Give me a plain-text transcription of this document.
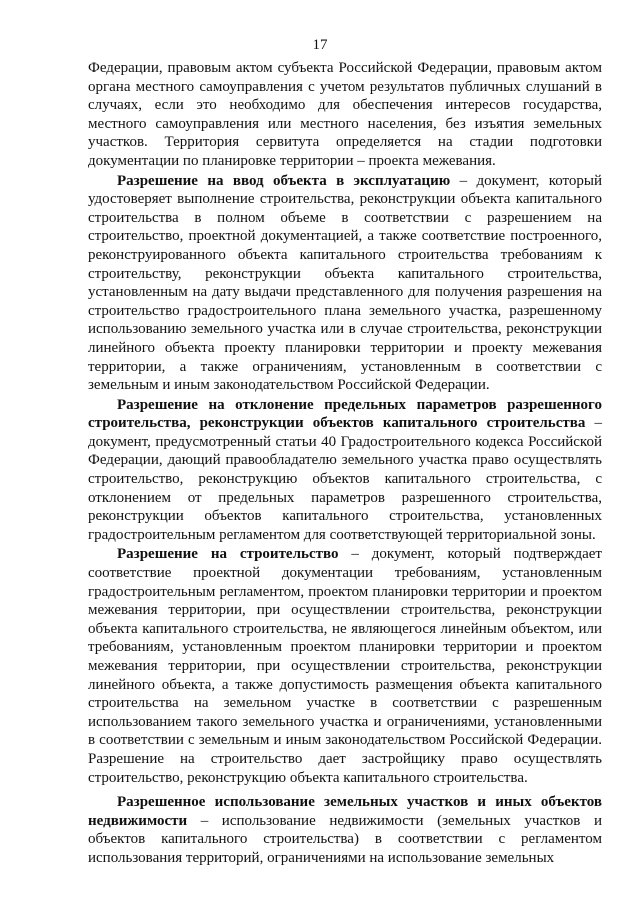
17

Федерации, правовым актом субъекта Российской Федерации, правовым актом органа местного самоуправления с учетом результатов публичных слушаний в случаях, если это необходимо для обеспечения интересов государства, местного самоуправления или местного населения, без изъятия земельных участков. Территория сервитута определяется на стадии подготовки документации по планировке территории – проекта межевания.

Разрешение на ввод объекта в эксплуатацию – документ, который удостоверяет выполнение строительства, реконструкции объекта капитального строительства в полном объеме в соответствии с разрешением на строительство, проектной документацией, а также соответствие построенного, реконструированного объекта капитального строительства требованиям к строительству, реконструкции объекта капитального строительства, установленным на дату выдачи представленного для получения разрешения на строительство градостроительного плана земельного участка, разрешенному использованию земельного участка или в случае строительства, реконструкции линейного объекта проекту планировки территории и проекту межевания территории, а также ограничениям, установленным в соответствии с земельным и иным законодательством Российской Федерации.

Разрешение на отклонение предельных параметров разрешенного строительства, реконструкции объектов капитального строительства – документ, предусмотренный статьи 40 Градостроительного кодекса Российской Федерации, дающий правообладателю земельного участка право осуществлять строительство, реконструкцию объектов капитального строительства, с отклонением от предельных параметров разрешенного строительства, реконструкции объектов капитального строительства, установленных градостроительным регламентом для соответствующей территориальной зоны.

Разрешение на строительство – документ, который подтверждает соответствие проектной документации требованиям, установленным градостроительным регламентом, проектом планировки территории и проектом межевания территории, при осуществлении строительства, реконструкции объекта капитального строительства, не являющегося линейным объектом, или требованиям, установленным проектом планировки территории и проектом межевания территории, при осуществлении строительства, реконструкции линейного объекта, а также допустимость размещения объекта капитального строительства на земельном участке в соответствии с разрешенным использованием такого земельного участка и ограничениями, установленными в соответствии с земельным и иным законодательством Российской Федерации. Разрешение на строительство дает застройщику право осуществлять строительство, реконструкцию объекта капитального строительства.

Разрешенное использование земельных участков и иных объектов недвижимости – использование недвижимости (земельных участков и объектов капитального строительства) в соответствии с регламентом использования территорий, ограничениями на использование земельных
